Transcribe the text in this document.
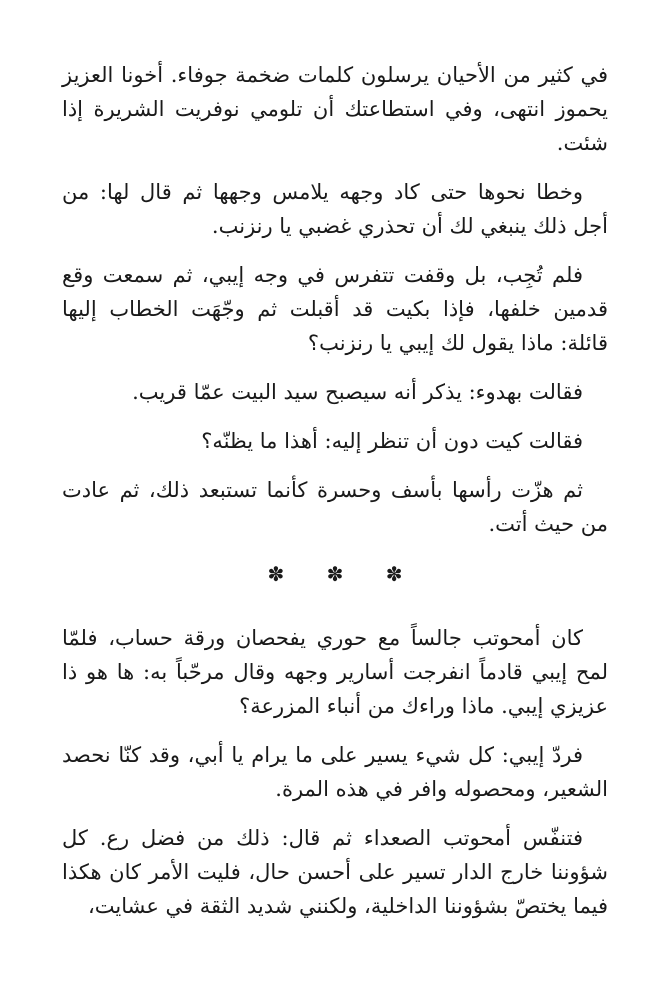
في كثير من الأحيان يرسلون كلمات ضخمة جوفاء. أخونا العزيز يحموز انتهى، وفي استطاعتك أن تلومي نوفريت الشريرة إذا شئت.

وخطا نحوها حتى كاد وجهه يلامس وجهها ثم قال لها: من أجل ذلك ينبغي لك أن تحذري غضبي يا رنزنب.

فلم تُجِب، بل وقفت تتفرس في وجه إيبي، ثم سمعت وقع قدمين خلفها، فإذا بكيت قد أقبلت ثم وجّهَت الخطاب إليها قائلة: ماذا يقول لك إيبي يا رنزنب؟

فقالت بهدوء: يذكر أنه سيصبح سيد البيت عمّا قريب.

فقالت كيت دون أن تنظر إليه: أهذا ما يظنّه؟

ثم هزّت رأسها بأسف وحسرة كأنما تستبعد ذلك، ثم عادت من حيث أتت.

✽ ✽ ✽

كان أمحوتب جالساً مع حوري يفحصان ورقة حساب، فلمّا لمح إيبي قادماً انفرجت أسارير وجهه وقال مرحّباً به: ها هو ذا عزيزي إيبي. ماذا وراءك من أنباء المزرعة؟

فردّ إيبي: كل شيء يسير على ما يرام يا أبي، وقد كنّا نحصد الشعير، ومحصوله وافر في هذه المرة.

فتنفّس أمحوتب الصعداء ثم قال: ذلك من فضل رع. كل شؤوننا خارج الدار تسير على أحسن حال، فليت الأمر كان هكذا فيما يختصّ بشؤوننا الداخلية، ولكنني شديد الثقة في عشايت،
